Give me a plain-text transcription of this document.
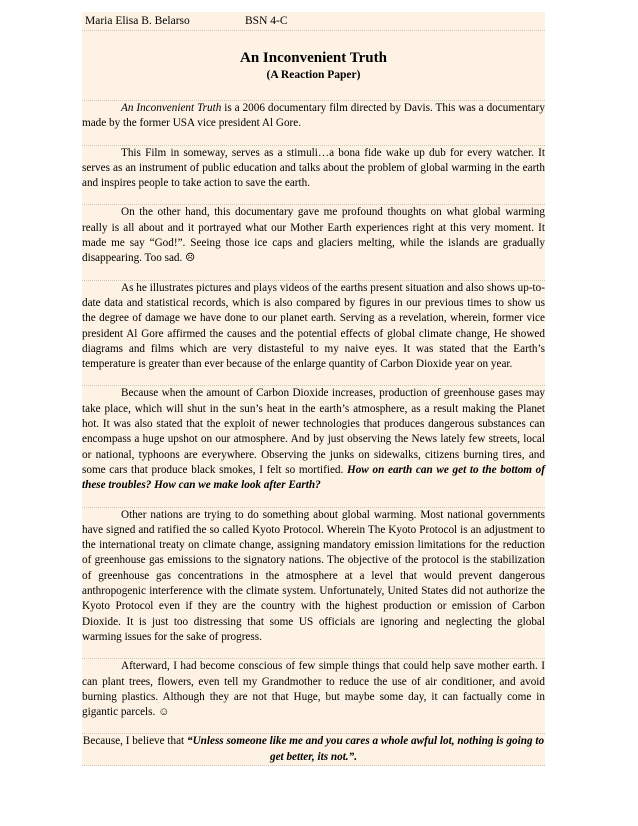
Maria Elisa B. Belarso	BSN 4-C
An Inconvenient Truth
(A Reaction Paper)

An Inconvenient Truth is a 2006 documentary film directed by Davis. This was a documentary made by the former USA vice president Al Gore.

This Film in someway, serves as a stimuli…a bona fide wake up dub for every watcher. It serves as an instrument of public education and talks about the problem of global warming in the earth and inspires people to take action to save the earth.

On the other hand, this documentary gave me profound thoughts on what global warming really is all about and it portrayed what our Mother Earth experiences right at this very moment. It made me say “God!”. Seeing those ice caps and glaciers melting, while the islands are gradually disappearing. Too sad. ☹

As he illustrates pictures and plays videos of the earths present situation and also shows up-to-date data and statistical records, which is also compared by figures in our previous times to show us the degree of damage we have done to our planet earth. Serving as a revelation, wherein, former vice president Al Gore affirmed the causes and the potential effects of global climate change, He showed diagrams and films which are very distasteful to my naive eyes. It was stated that the Earth’s temperature is greater than ever because of the enlarge quantity of Carbon Dioxide year on year.

Because when the amount of Carbon Dioxide increases, production of greenhouse gases may take place, which will shut in the sun’s heat in the earth’s atmosphere, as a result making the Planet hot. It was also stated that the exploit of newer technologies that produces dangerous substances can encompass a huge upshot on our atmosphere. And by just observing the News lately few streets, local or national, typhoons are everywhere. Observing the junks on sidewalks, citizens burning tires, and some cars that produce black smokes, I felt so mortified. How on earth can we get to the bottom of these troubles? How can we make look after Earth?

Other nations are trying to do something about global warming. Most national governments have signed and ratified the so called Kyoto Protocol. Wherein The Kyoto Protocol is an adjustment to the international treaty on climate change, assigning mandatory emission limitations for the reduction of greenhouse gas emissions to the signatory nations. The objective of the protocol is the stabilization of greenhouse gas concentrations in the atmosphere at a level that would prevent dangerous anthropogenic interference with the climate system. Unfortunately, United States did not authorize the Kyoto Protocol even if they are the country with the highest production or emission of Carbon Dioxide. It is just too distressing that some US officials are ignoring and neglecting the global warming issues for the sake of progress.

Afterward, I had become conscious of few simple things that could help save mother earth. I can plant trees, flowers, even tell my Grandmother to reduce the use of air conditioner, and avoid burning plastics. Although they are not that Huge, but maybe some day, it can factually come in gigantic parcels. ☺

Because, I believe that “Unless someone like me and you cares a whole awful lot, nothing is going to get better, its not.”.
